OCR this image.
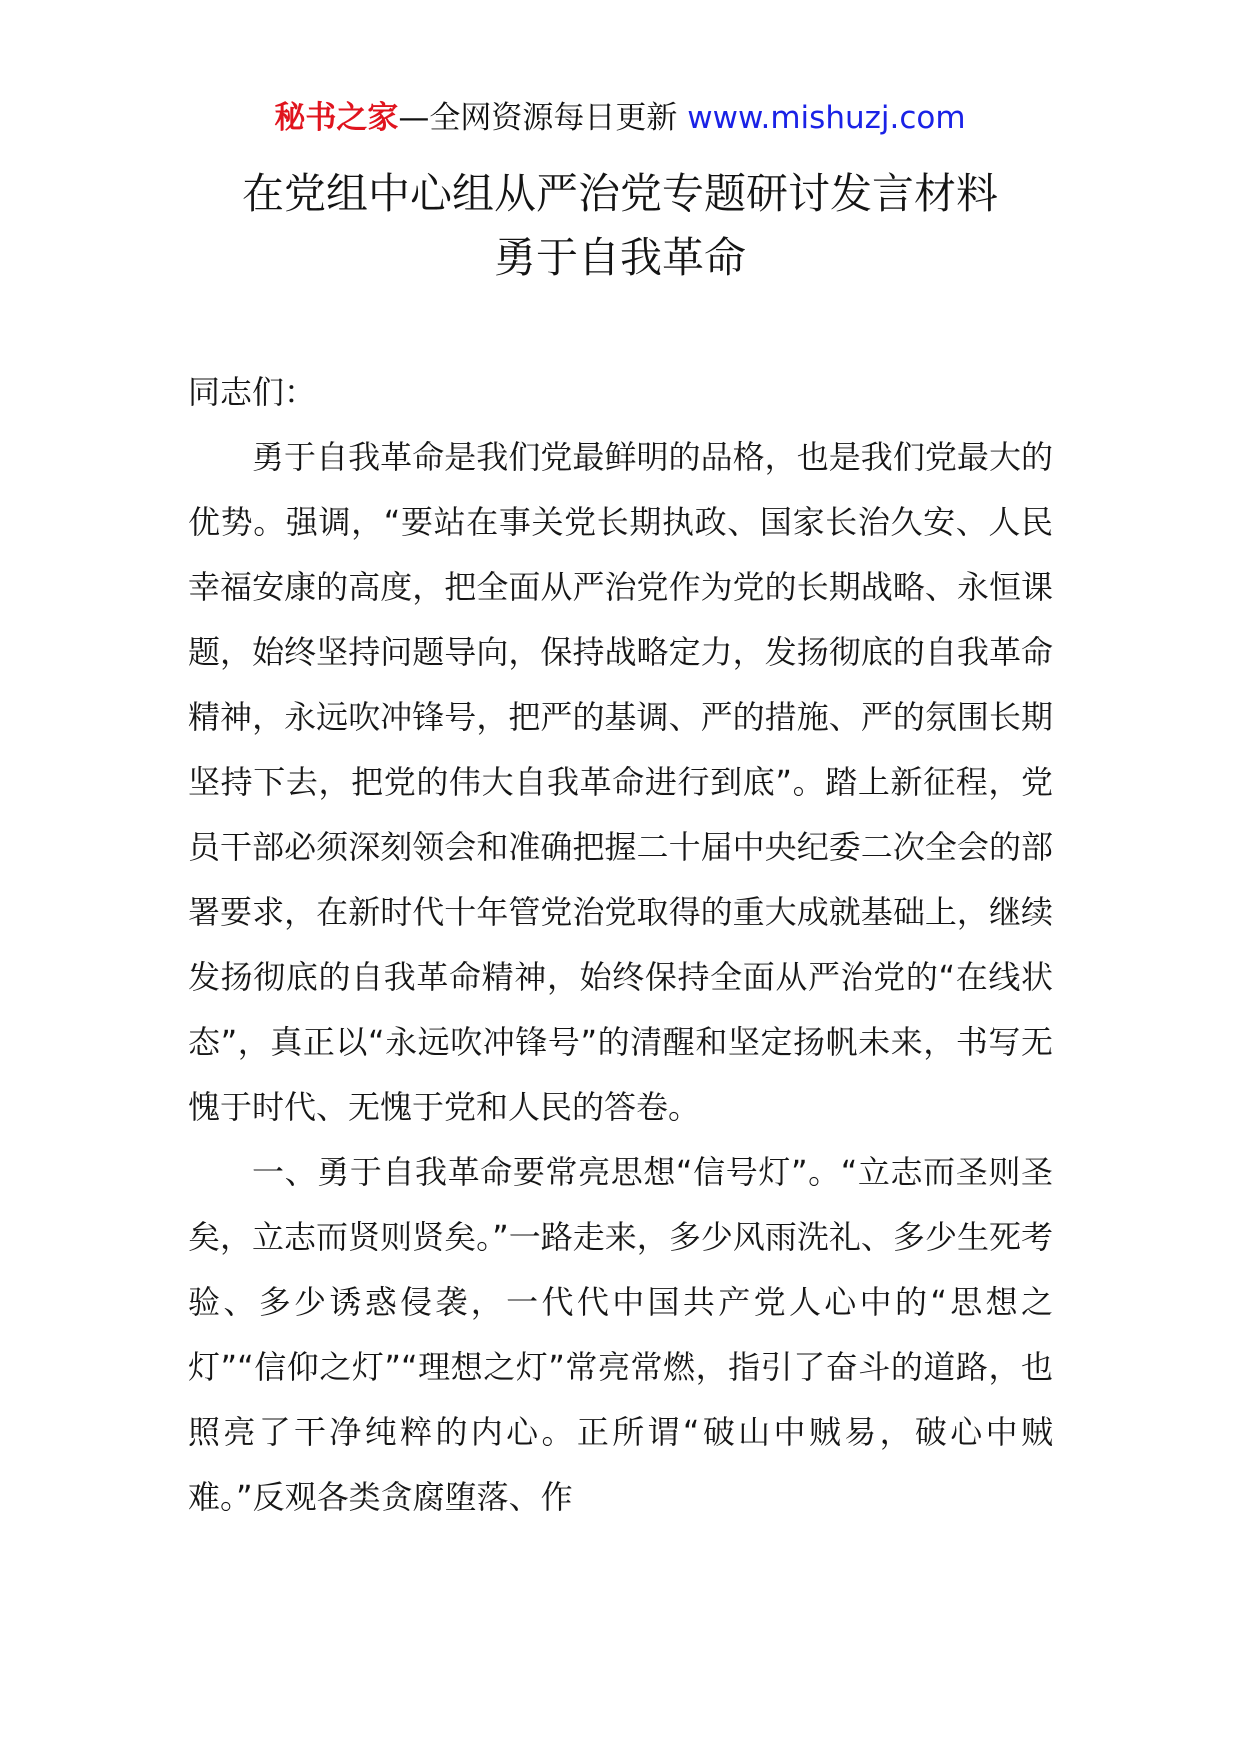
秘书之家—全网资源每日更新 www.mishuzj.com
在党组中心组从严治党专题研讨发言材料
勇于自我革命

同志们：

勇于自我革命是我们党最鲜明的品格，也是我们党最大的优势。强调，“要站在事关党长期执政、国家长治久安、人民幸福安康的高度，把全面从严治党作为党的长期战略、永恒课题，始终坚持问题导向，保持战略定力，发扬彻底的自我革命精神，永远吹冲锋号，把严的基调、严的措施、严的氛围长期坚持下去，把党的伟大自我革命进行到底”。踏上新征程，党员干部必须深刻领会和准确把握二十届中央纪委二次全会的部署要求，在新时代十年管党治党取得的重大成就基础上，继续发扬彻底的自我革命精神，始终保持全面从严治党的“在线状态”，真正以“永远吹冲锋号”的清醒和坚定扬帆未来，书写无愧于时代、无愧于党和人民的答卷。

一、勇于自我革命要常亮思想“信号灯”。“立志而圣则圣矣，立志而贤则贤矣。”一路走来，多少风雨洗礼、多少生死考验、多少诱惑侵袭，一代代中国共产党人心中的“思想之灯”“信仰之灯”“理想之灯”常亮常燃，指引了奋斗的道路，也照亮了干净纯粹的内心。正所谓“破山中贼易，破心中贼难。”反观各类贪腐堕落、作
